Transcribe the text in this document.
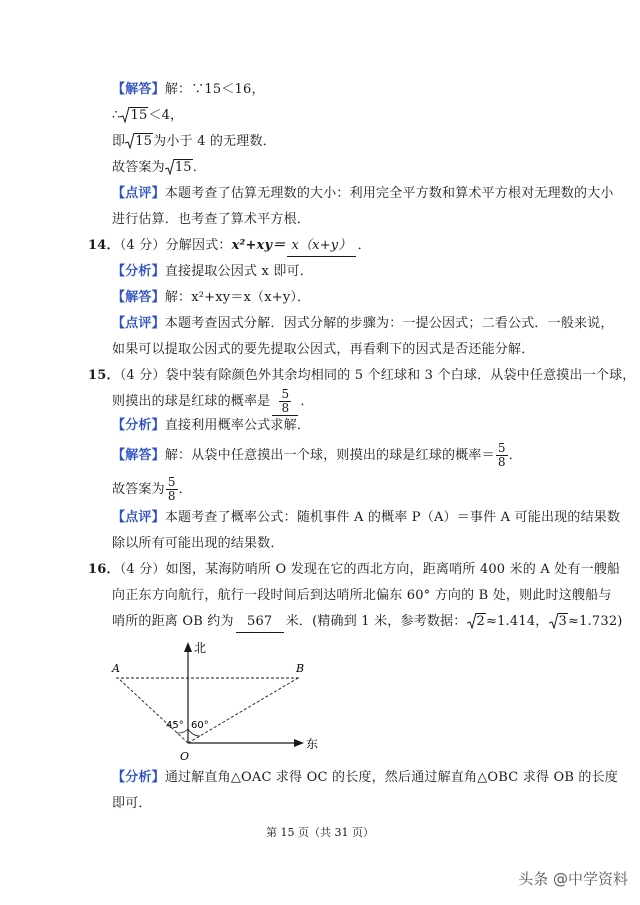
【解答】解：∵15＜16，
∴ 15＜4，
即 15为小于 4 的无理数．
故答案为 15．
【点评】本题考查了估算无理数的大小：利用完全平方数和算术平方根对无理数的大小
进行估算．也考查了算术平方根．
14．（4 分）分解因式：x²+xy＝ x（x+y） ．
【分析】直接提取公因式 x 即可．
【解答】解：x²+xy＝x（x+y）．
【点评】本题考查因式分解．因式分解的步骤为：一提公因式；二看公式．一般来说，
如果可以提取公因式的要先提取公因式，再看剩下的因式是否还能分解．
15．（4 分）袋中装有除颜色外其余均相同的 5 个红球和 3 个白球．从袋中任意摸出一个球，
则摸出的球是红球的概率是 $\frac{5}{8}$ ．
【分析】直接利用概率公式求解．
【解答】解：从袋中任意摸出一个球，则摸出的球是红球的概率＝ $\frac{5}{8}$ ．
故答案为 $\frac{5}{8}$ ．
【点评】本题考查了概率公式：随机事件 A 的概率 P（A）＝事件 A 可能出现的结果数
除以所有可能出现的结果数．
16．（4 分）如图，某海防哨所 O 发现在它的西北方向，距离哨所 400 米的 A 处有一艘船
向正东方向航行，航行一段时间后到达哨所北偏东 60° 方向的 B 处，则此时这艘船与
哨所的距离 OB 约为 567 米．(精确到 1 米，参考数据： 2≈1.414， 3≈1.732)
A	B
O
北
东
45° 60°
【分析】通过解直角△OAC 求得 OC 的长度，然后通过解直角△OBC 求得 OB 的长度
即可．
第 15 页（共 31 页）
头条 @中学资料
